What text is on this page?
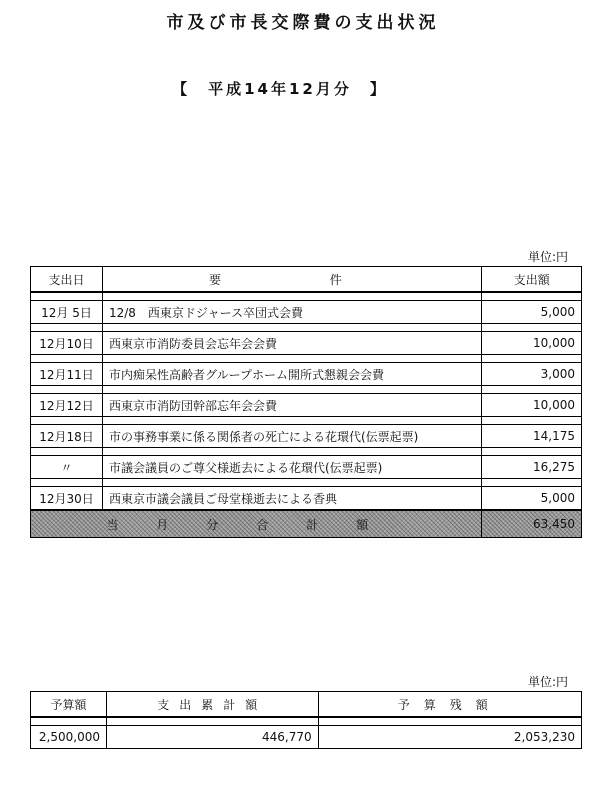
市及び市長交際費の支出状況
【　平成14年12月分　】
単位:円
支出日	要 件	支出額

12月 5日	12/8　西東京ドジャース卒団式会費	5,000

12月10日	西東京市消防委員会忘年会会費	10,000

12月11日	市内痴呆性高齢者グループホーム開所式懇親会会費	3,000

12月12日	西東京市消防団幹部忘年会会費	10,000

12月18日	市の事務事業に係る関係者の死亡による花環代(伝票起票)	14,175

〃	市議会議員のご尊父様逝去による花環代(伝票起票)	16,275

12月30日	西東京市議会議員ご母堂様逝去による香典	5,000
当月分合計額		63,450
単位:円
予算額	支出累計額	予算残額

2,500,000	446,770	2,053,230
